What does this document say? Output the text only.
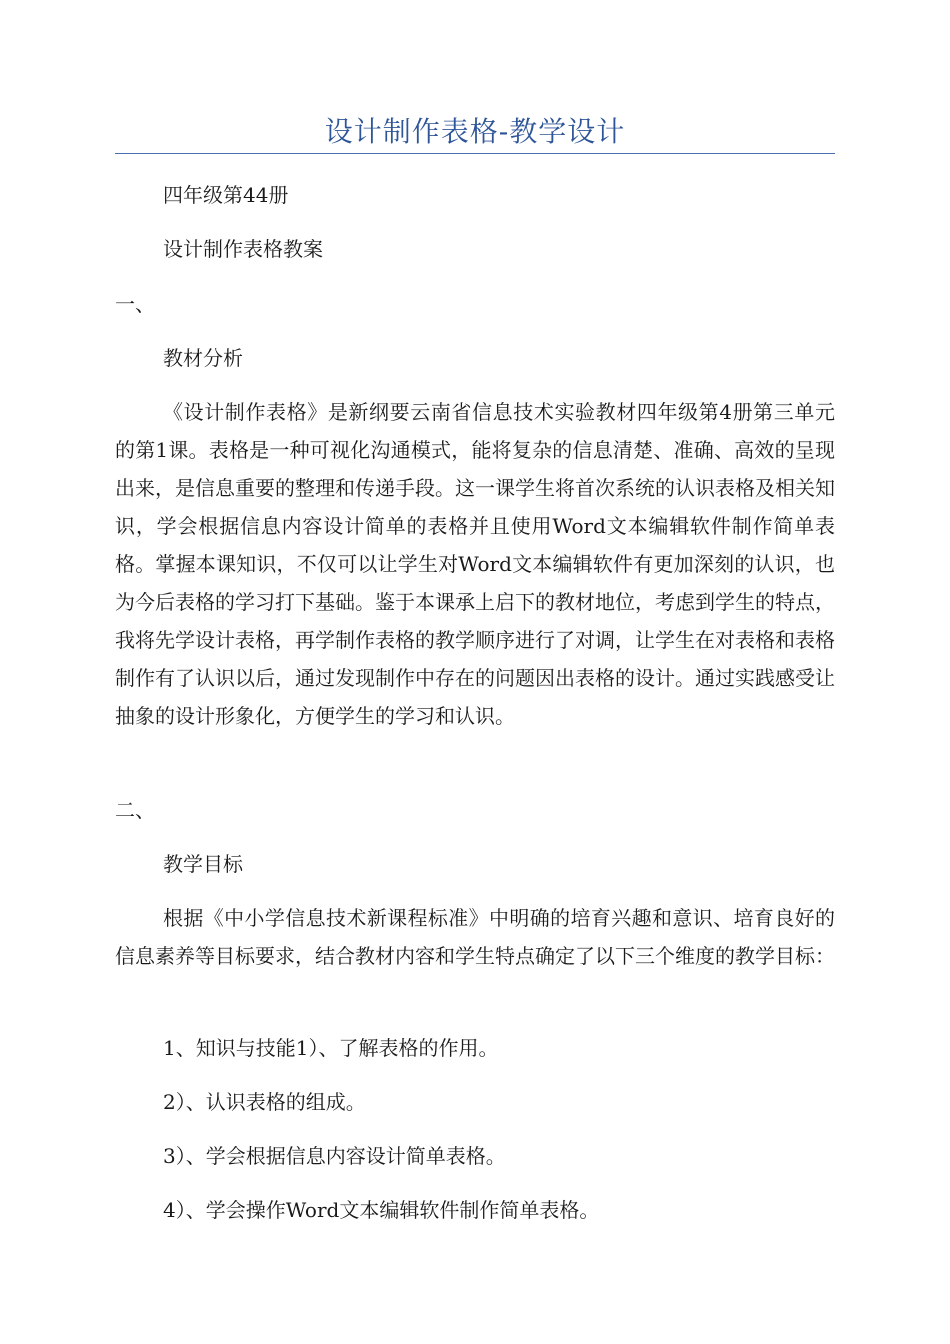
设计制作表格-教学设计
四年级第44册
设计制作表格教案
一、
教材分析
《设计制作表格》是新纲要云南省信息技术实验教材四年级第4册第三单元的第1课。表格是一种可视化沟通模式，能将复杂的信息清楚、准确、高效的呈现出来，是信息重要的整理和传递手段。这一课学生将首次系统的认识表格及相关知识，学会根据信息内容设计简单的表格并且使用Word文本编辑软件制作简单表格。掌握本课知识，不仅可以让学生对Word文本编辑软件有更加深刻的认识，也为今后表格的学习打下基础。鉴于本课承上启下的教材地位，考虑到学生的特点，我将先学设计表格，再学制作表格的教学顺序进行了对调，让学生在对表格和表格制作有了认识以后，通过发现制作中存在的问题因出表格的设计。通过实践感受让抽象的设计形象化，方便学生的学习和认识。
二、
教学目标
根据《中小学信息技术新课程标准》中明确的培育兴趣和意识、培育良好的信息素养等目标要求，结合教材内容和学生特点确定了以下三个维度的教学目标：
1、知识与技能1）、了解表格的作用。
2）、认识表格的组成。
3）、学会根据信息内容设计简单表格。
4）、学会操作Word文本编辑软件制作简单表格。
